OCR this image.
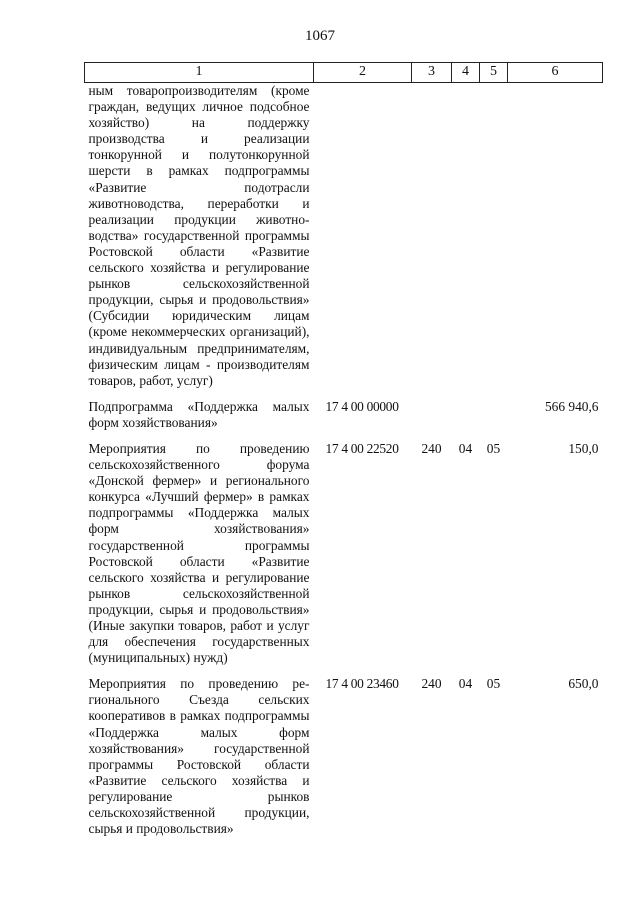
1067
1	2	3	4	5	6
ным товаропроизводителям (кроме граждан, ведущих личное подсобное хозяйство) на поддержку производства и реализации тонкорунной и полутонкорунной шерсти в рамках подпрограммы «Развитие подотрасли животноводства, переработки и реализации продукции животноводства» государственной программы Ростовской области «Развитие сельского хозяйства и регулирование рынков сельскохозяйственной продукции, сырья и продовольствия» (Субсидии юридическим лицам (кроме некоммерческих организаций), индивидуальным предпринимателям, физическим лицам - производителям товаров, работ, услуг)					
Подпрограмма «Поддержка малых форм хозяйствования»	17 4 00 00000				566 940,6
Мероприятия по проведению сельскохозяйственного форума «Донской фермер» и регионального конкурса «Лучший фермер» в рамках подпрограммы «Поддержка малых форм хозяйствования» государственной программы Ростовской области «Развитие сельского хозяйства и регулирование рынков сельскохозяйственной продукции, сырья и продовольствия» (Иные закупки товаров, работ и услуг для обеспечения государственных (муниципальных) нужд)	17 4 00 22520	240	04	05	150,0
Мероприятия по проведению регионального Съезда сельских кооперативов в рамках подпрограммы «Поддержка малых форм хозяйствования» государственной программы Ростовской области «Развитие сельского хозяйства и регулирование рынков сельскохозяйственной продукции, сырья и продовольствия»	17 4 00 23460	240	04	05	650,0
